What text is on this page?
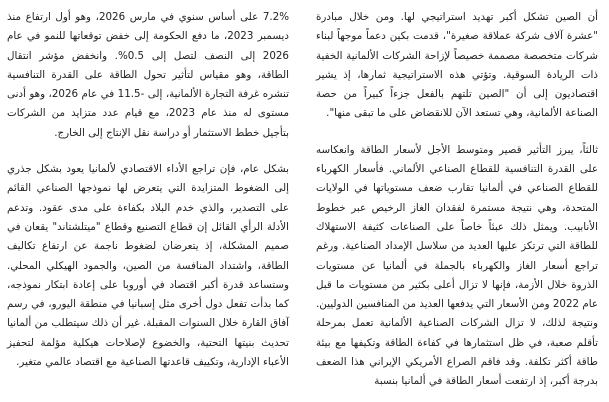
أن الصين تشكل أكبر تهديد استراتيجي لها. ومن خلال مبادرة "عشرة آلاف شركة عملاقة صغيرة"، قدمت بكين دعماً موجهاً لبناء شركات متخصصة مصممة خصيصاً لإزاحة الشركات الألمانية الخفية ذات الريادة السوقية. وتؤتي هذه الاستراتيجية ثمارها، إذ يشير اقتصاديون إلى أن "الصين تلتهم بالفعل جزءاً كبيراً من حصة الصناعة الألمانية، وهي تستعد الآن للانقضاض على ما تبقى منها".

ثالثاً، يبرز التأثير قصير ومتوسط الأجل لأسعار الطاقة وانعكاسه على القدرة التنافسية للقطاع الصناعي الألماني. فأسعار الكهرباء للقطاع الصناعي في ألمانيا تقارب ضعف مستوياتها في الولايات المتحدة، وهي نتيجة مستمرة لفقدان الغاز الرخيص عبر خطوط الأنابيب. ويمثل ذلك عبئاً خاصاً على الصناعات كثيفة الاستهلاك للطاقة التي ترتكز عليها العديد من سلاسل الإمداد الصناعية. ورغم تراجع أسعار الغاز والكهرباء بالجملة في ألمانيا عن مستويات الذروة خلال الأزمة، فإنها لا تزال أعلى بكثير من مستويات ما قبل عام 2022 ومن الأسعار التي يدفعها العديد من المنافسين الدوليين. ونتيجة لذلك، لا تزال الشركات الصناعية الألمانية تعمل بمرحلة تأقلم صعبة، في ظل استثمارها في كفاءة الطاقة وتكيفها مع بيئة طاقة أكثر تكلفة. وقد فاقم الصراع الأمريكي الإيراني هذا الضعف بدرجة أكبر، إذ ارتفعت أسعار الطاقة في ألمانيا بنسبة

7.2% على أساس سنوي في مارس 2026، وهو أول ارتفاع منذ ديسمبر 2023، ما دفع الحكومة إلى خفض توقعاتها للنمو في عام 2026 إلى النصف لتصل إلى 0.5%. وانخفض مؤشر انتقال الطاقة، وهو مقياس لتأثير تحول الطاقة على القدرة التنافسية تنشره غرفة التجارة الألمانية، إلى -11.5 في عام 2026، وهو أدنى مستوى له منذ عام 2023، مع قيام عدد متزايد من الشركات بتأجيل خطط الاستثمار أو دراسة نقل الإنتاج إلى الخارج.

بشكل عام، فإن تراجع الأداء الاقتصادي لألمانيا يعود بشكل جذري إلى الضغوط المتزايدة التي يتعرض لها نموذجها الصناعي القائم على التصدير، والذي خدم البلاد بكفاءة على مدى عقود. وتدعم الأدلة الرأي القائل إن قطاع التصنيع وقطاع "ميتلشتاند" يقعان في صميم المشكلة، إذ يتعرضان لضغوط ناجمة عن ارتفاع تكاليف الطاقة، واشتداد المنافسة من الصين، والجمود الهيكلي المحلي. وستساعد قدرة أكبر اقتصاد في أوروبا على إعادة ابتكار نموذجه، كما بدأت تفعل دول أخرى مثل إسبانيا في منطقة اليورو، في رسم آفاق القارة خلال السنوات المقبلة. غير أن ذلك سيتطلب من ألمانيا تحديث بنيتها التحتية، والخضوع لإصلاحات هيكلية مؤلمة لتحفيز الأعباء الإدارية، وتكييف قاعدتها الصناعية مع اقتصاد عالمي متغير.
